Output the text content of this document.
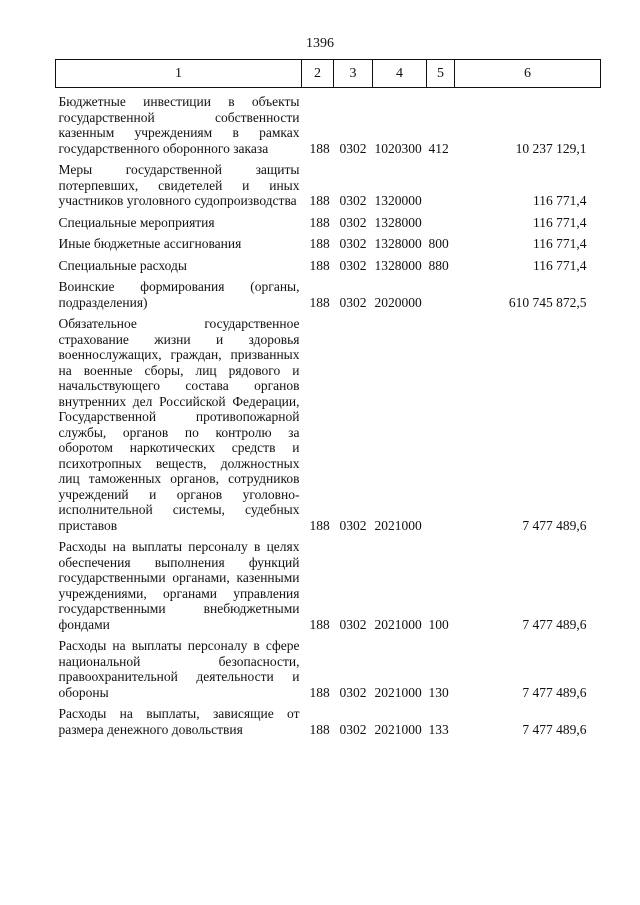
1396
1	2	3	4	5	6
Бюджетные инвестиции в объекты государственной собственности казенным учреждениям в рамках государственного оборонного заказа	188	0302	1020300	412	10 237 129,1
Меры государственной защиты потерпевших, свидетелей и иных участников уголовного судопроизводства	188	0302	1320000		116 771,4
Специальные мероприятия	188	0302	1328000		116 771,4
Иные бюджетные ассигнования	188	0302	1328000	800	116 771,4
Специальные расходы	188	0302	1328000	880	116 771,4
Воинские формирования (органы, подразделения)	188	0302	2020000		610 745 872,5
Обязательное государственное страхование жизни и здоровья военнослужащих, граждан, призванных на военные сборы, лиц рядового и начальствующего состава органов внутренних дел Российской Федерации, Государственной противопожарной службы, органов по контролю за оборотом наркотических средств и психотропных веществ, должностных лиц таможенных органов, сотрудников учреждений и органов уголовно-исполнительной системы, судебных приставов	188	0302	2021000		7 477 489,6
Расходы на выплаты персоналу в целях обеспечения выполнения функций государственными органами, казенными учреждениями, органами управления государственными внебюджетными фондами	188	0302	2021000	100	7 477 489,6
Расходы на выплаты персоналу в сфере национальной безопасности, правоохранительной деятельности и обороны	188	0302	2021000	130	7 477 489,6
Расходы на выплаты, зависящие от размера денежного довольствия	188	0302	2021000	133	7 477 489,6
